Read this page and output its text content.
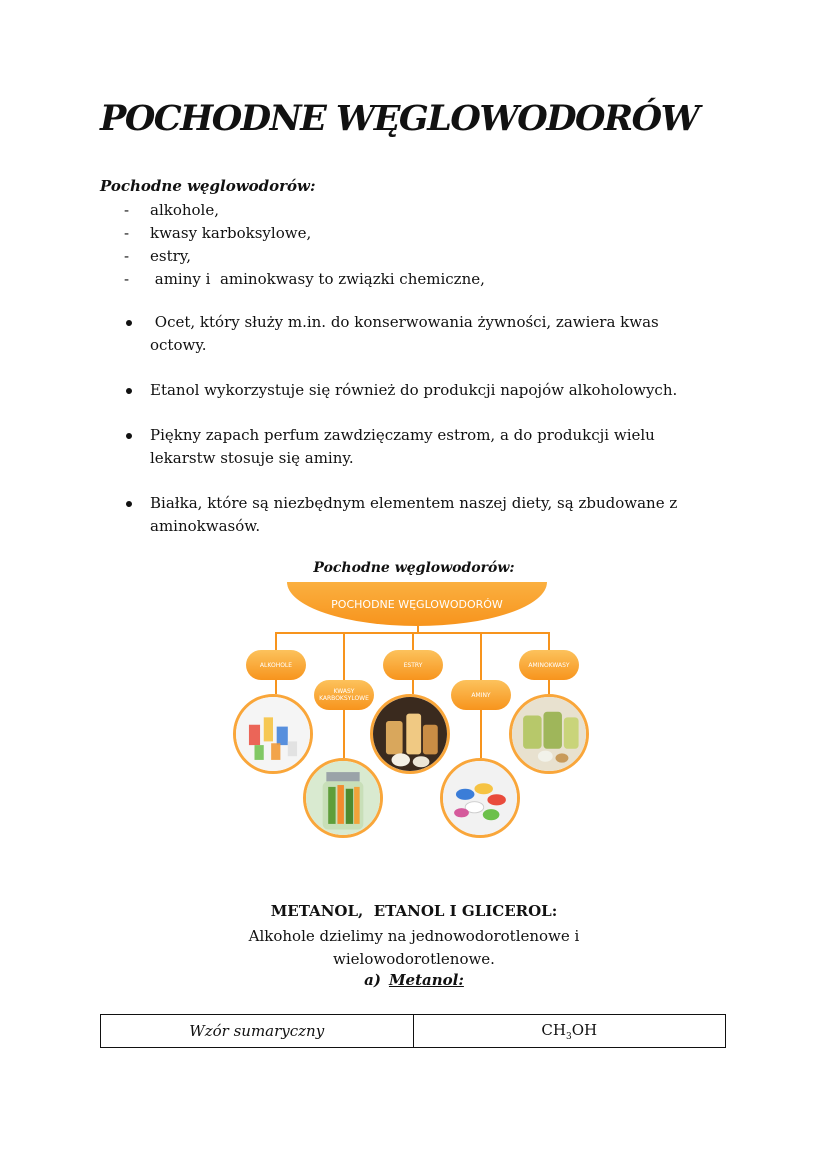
POCHODNE WĘGLOWODORÓW

Pochodne węglowodorów:

- alkohole,
- kwasy karboksylowe,
- estry,
- aminy i  aminokwasy to związki chemiczne,
Ocet, który służy m.in. do konserwowania żywności, zawiera kwas octowy.
Etanol wykorzystuje się również do produkcji napojów alkoholowych.
Piękny zapach perfum zawdzięczamy estrom, a do produkcji wielu lekarstw stosuje się aminy.
Białka, które są niezbędnym elementem naszej diety, są zbudowane z aminokwasów.
Pochodne węglowodorów:
POCHODNE WĘGLOWODORÓW
ALKOHOLE
KWASY
KARBOKSYLOWE
ESTRY
AMINY
AMINOKWASY
METANOL,  ETANOL I GLICEROL:
Alkohole dzielimy na jednowodorotlenowe i
wielowodorotlenowe.
a) Metanol:
Wzór sumaryczny	$CH_3OH$
